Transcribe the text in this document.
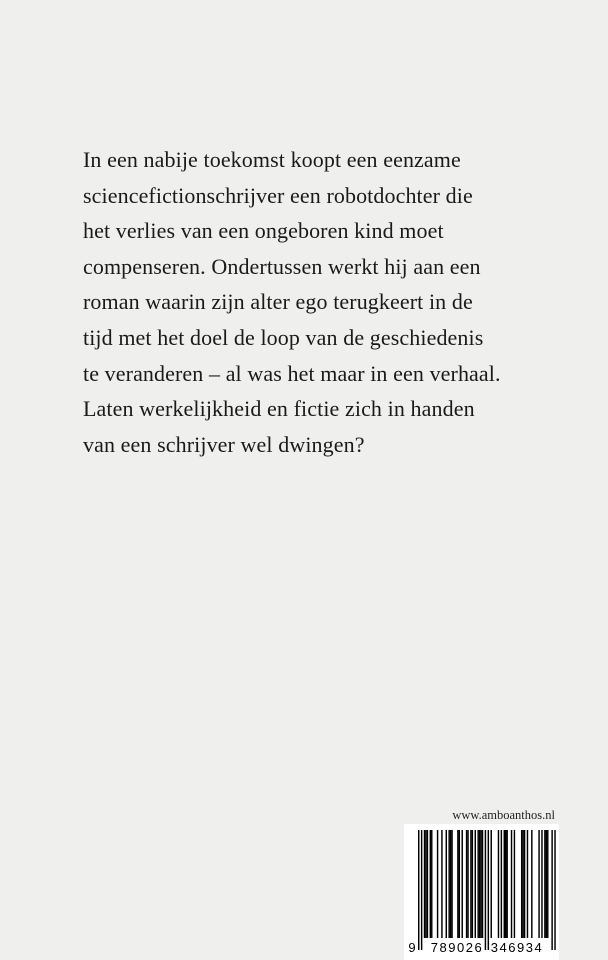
In een nabije toekomst koopt een eenzame
sciencefictionschrijver een robotdochter die
het verlies van een ongeboren kind moet
compenseren. Ondertussen werkt hij aan een
roman waarin zijn alter ego terugkeert in de
tijd met het doel de loop van de geschiedenis
te veranderen – al was het maar in een verhaal.
Laten werkelijkheid en fictie zich in handen
van een schrijver wel dwingen?
www.amboanthos.nl
9 789026 346934
